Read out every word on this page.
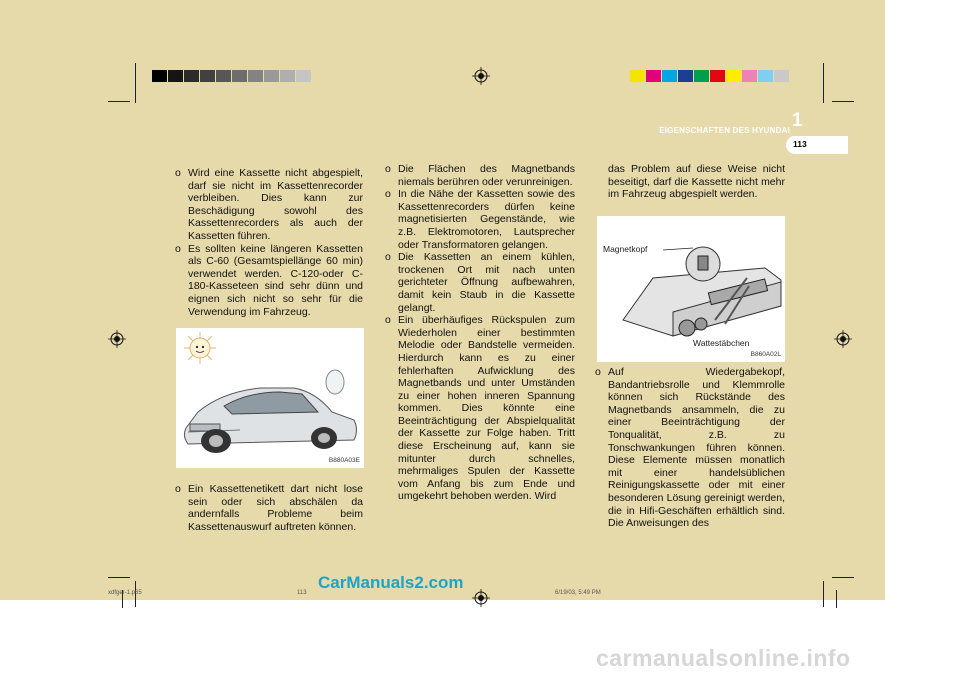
EIGENSCHAFTEN DES HYUNDAI 1
113

o Wird eine Kassette nicht abgespielt, darf sie nicht im Kassettenrecorder verbleiben. Dies kann zur Beschädigung sowohl des Kassettenrecorders als auch der Kassetten führen.

o Es sollten keine längeren Kassetten als C-60 (Gesamtspiellänge 60 min) verwendet werden. C-120-oder C-180-Kasseteen sind sehr dünn und eignen sich nicht so sehr für die Verwendung im Fahrzeug.

B880A03E

o Ein Kassettenetikett dart nicht lose sein oder sich abschälen da andernfalls Probleme beim Kassettenauswurf auftreten können.

o Die Flächen des Magnetbands niemals berühren oder verunreinigen.

o In die Nähe der Kassetten sowie des Kassettenrecorders dürfen keine magnetisierten Gegenstände, wie z.B. Elektromotoren, Lautsprecher oder Transformatoren gelangen.

o Die Kassetten an einem kühlen, trockenen Ort mit nach unten gerichteter Öffnung aufbewahren, damit kein Staub in die Kassette gelangt.

o Ein überhäufiges Rückspulen zum Wiederholen einer bestimmten Melodie oder Bandstelle vermeiden. Hierdurch kann es zu einer fehlerhaften Aufwicklung des Magnetbands und unter Umständen zu einer hohen inneren Spannung kommen. Dies könnte eine Beeinträchtigung der Abspielqualität der Kassette zur Folge haben. Tritt diese Erscheinung auf, kann sie mitunter durch schnelles, mehrmaliges Spulen der Kassette vom Anfang bis zum Ende und umgekehrt behoben werden. Wird

das Problem auf diese Weise nicht beseitigt, darf die Kassette nicht mehr im Fahrzeug abgespielt werden.

Magnetkopf
Wattestäbchen
B860A02L

o Auf Wiedergabekopf, Bandantriebsrolle und Klemmrolle können sich Rückstände des Magnetbands ansammeln, die zu einer Beeinträchtigung der Tonqualität, z.B. zu Tonschwankungen führen können. Diese Elemente müssen monatlich mit einer handelsüblichen Reinigungskassette oder mit einer besonderen Lösung gereinigt werden, die in Hifi-Geschäften erhältlich sind. Die Anweisungen des

xdfger-1.p65	113	6/19/03, 5:49 PM
CarManuals2.com
carmanualsonline.info
